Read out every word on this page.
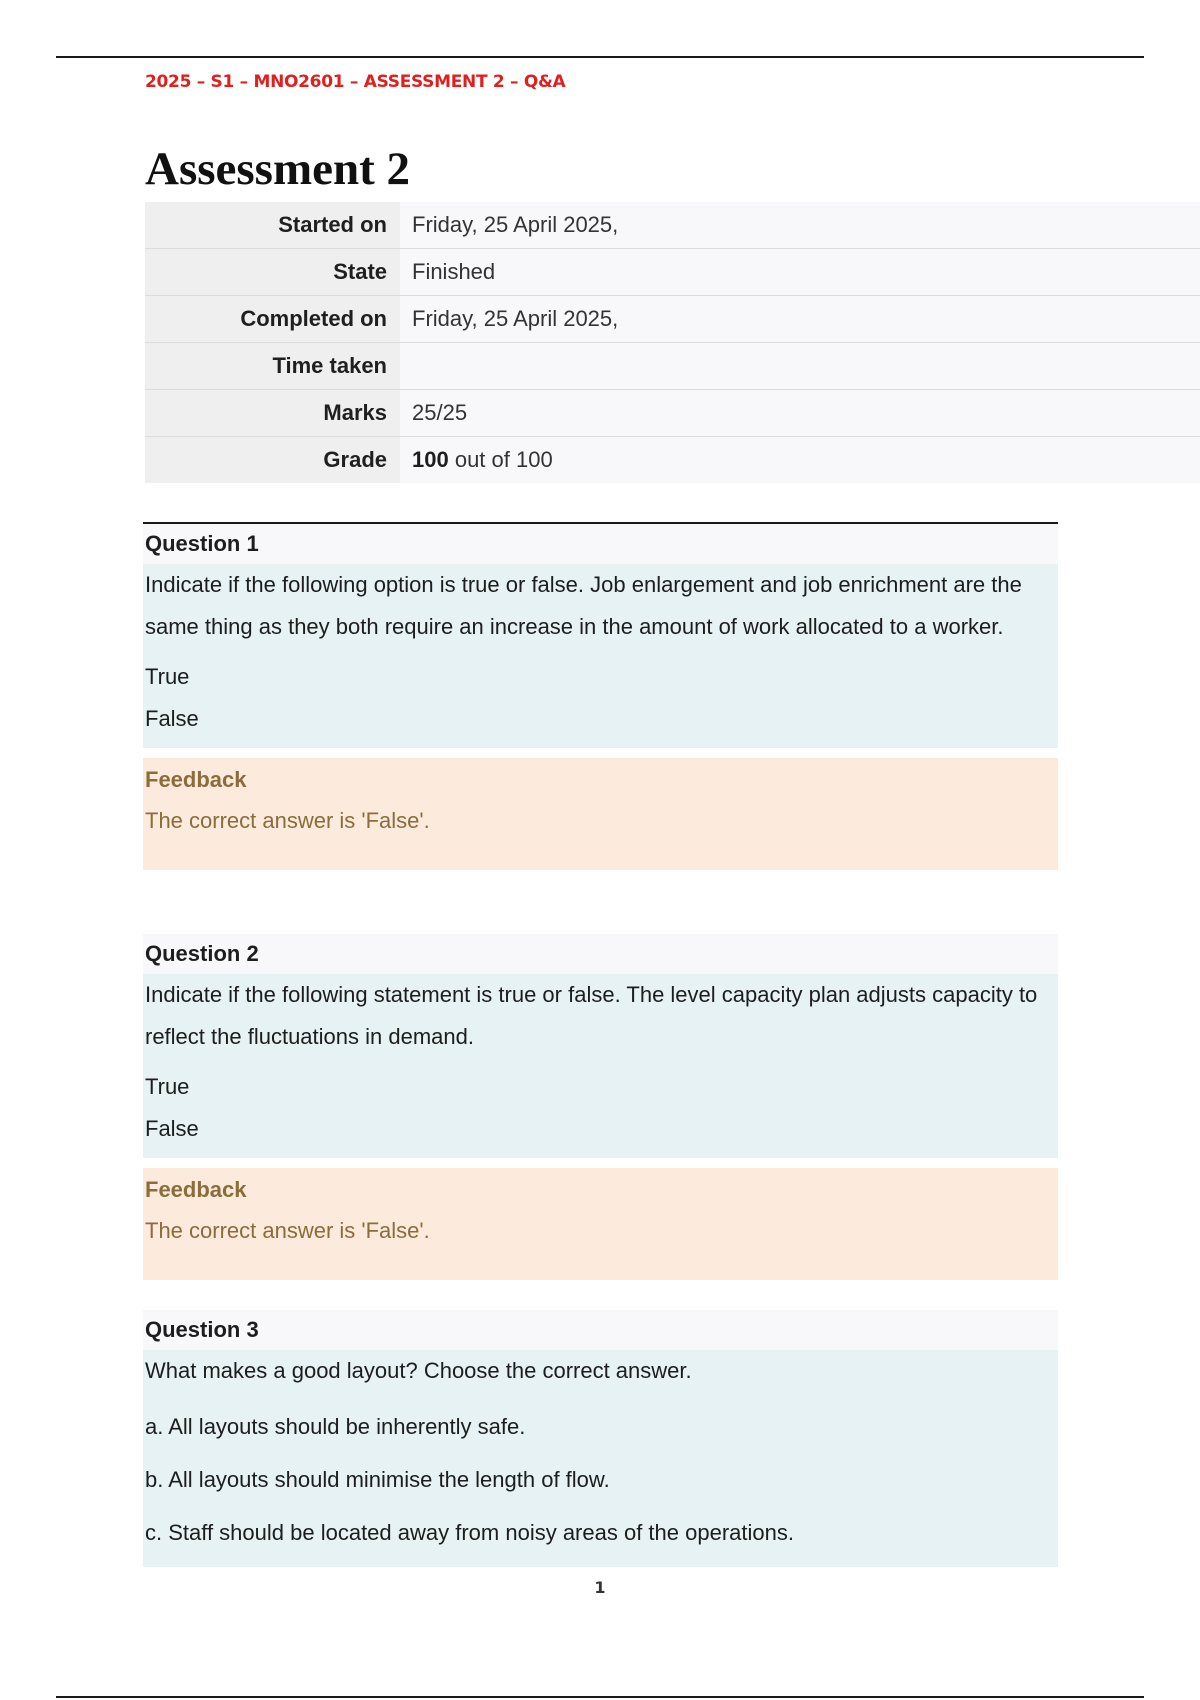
2025 – S1 – MNO2601 – ASSESSMENT 2 – Q&A
Assessment 2
Started on	Friday, 25 April 2025,
State	Finished
Completed on	Friday, 25 April 2025,
Time taken	
Marks	25/25
Grade	100 out of 100
Question 1

Indicate if the following option is true or false. Job enlargement and job enrichment are the same thing as they both require an increase in the amount of work allocated to a worker.

True

False

Feedback
The correct answer is 'False'.
Question 2

Indicate if the following statement is true or false. The level capacity plan adjusts capacity to reflect the fluctuations in demand.

True

False

Feedback
The correct answer is 'False'.
Question 3

What makes a good layout? Choose the correct answer.

a. All layouts should be inherently safe.

b. All layouts should minimise the length of flow.

c. Staff should be located away from noisy areas of the operations.

1
